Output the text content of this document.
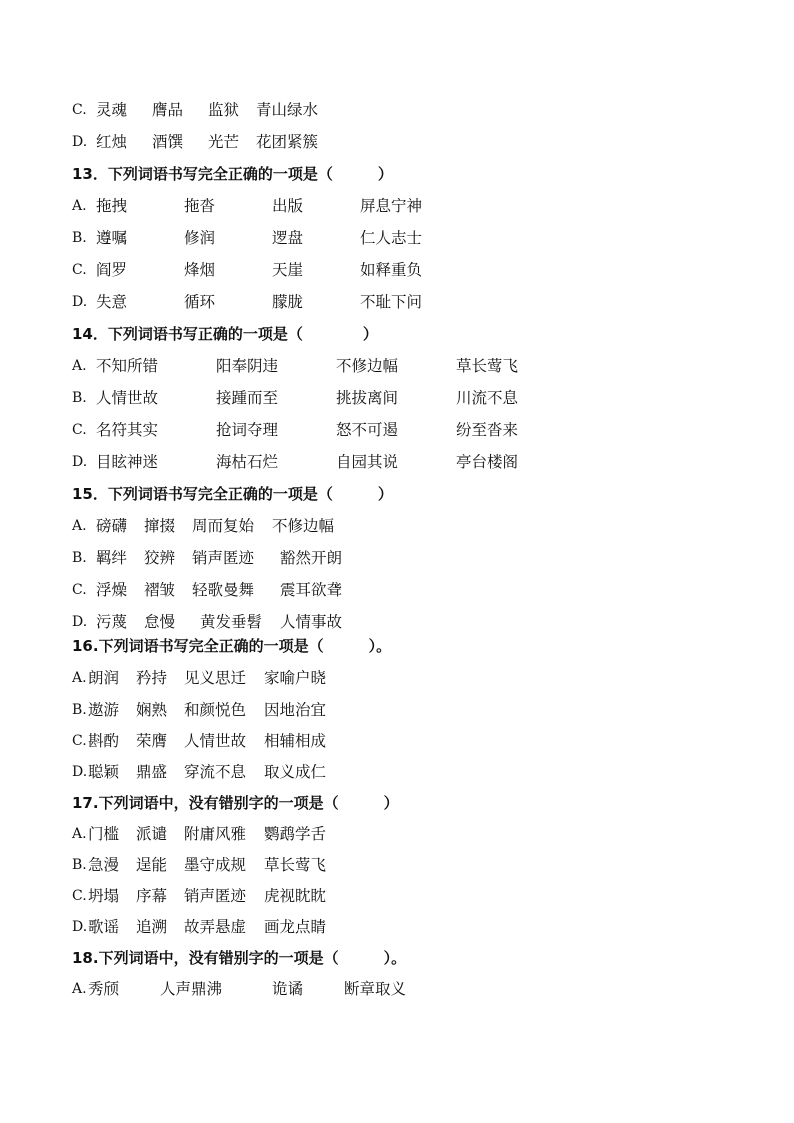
C. 灵魂 膺品 监狱 青山绿水
D. 红烛 酒馔 光芒 花团紧簇
13．下列词语书写完全正确的一项是（　　　）
A. 拖拽	拖沓	出版	屏息宁神
B. 遵嘱	修润	逻盘	仁人志士
C. 阎罗	烽烟	天崖	如释重负
D. 失意	循环	朦胧	不耻下问
14．下列词语书写正确的一项是（　　　　）
A. 不知所错	阳奉阴违	不修边幅	草长莺飞
B. 人情世故	接踵而至	挑拔离间	川流不息
C. 名符其实	抢词夺理	怒不可遏	纷至沓来
D. 目眩神迷	海枯石烂	自园其说	亭台楼阁
15．下列词语书写完全正确的一项是（　　　）
A. 磅礴 撺掇 周而复始 不修边幅
B. 羁绊 狡辨 销声匿迹 豁然开朗
C. 浮燥 褶皱 轻歌曼舞 震耳欲聋
D. 污蔑 怠慢 黄发垂髫 人情事故
16.下列词语书写完全正确的一项是（　　　）。
A. 朗润 矜持 见义思迁 家喻户晓
B. 遨游 娴熟 和颜悦色 因地治宜
C. 斟酌 荣膺 人情世故 相辅相成
D. 聪颖 鼎盛 穿流不息 取义成仁
17.下列词语中，没有错别字的一项是（　　　）
A. 门槛 派谴 附庸风雅 鹦鹉学舌
B. 急漫 逞能 墨守成规 草长莺飞
C. 坍塌 序幕 销声匿迹 虎视眈眈
D. 歌谣 追溯 故弄悬虚 画龙点睛
18.下列词语中，没有错别字的一项是（　　　）。
A. 秀颀	人声鼎沸	诡谲	断章取义
